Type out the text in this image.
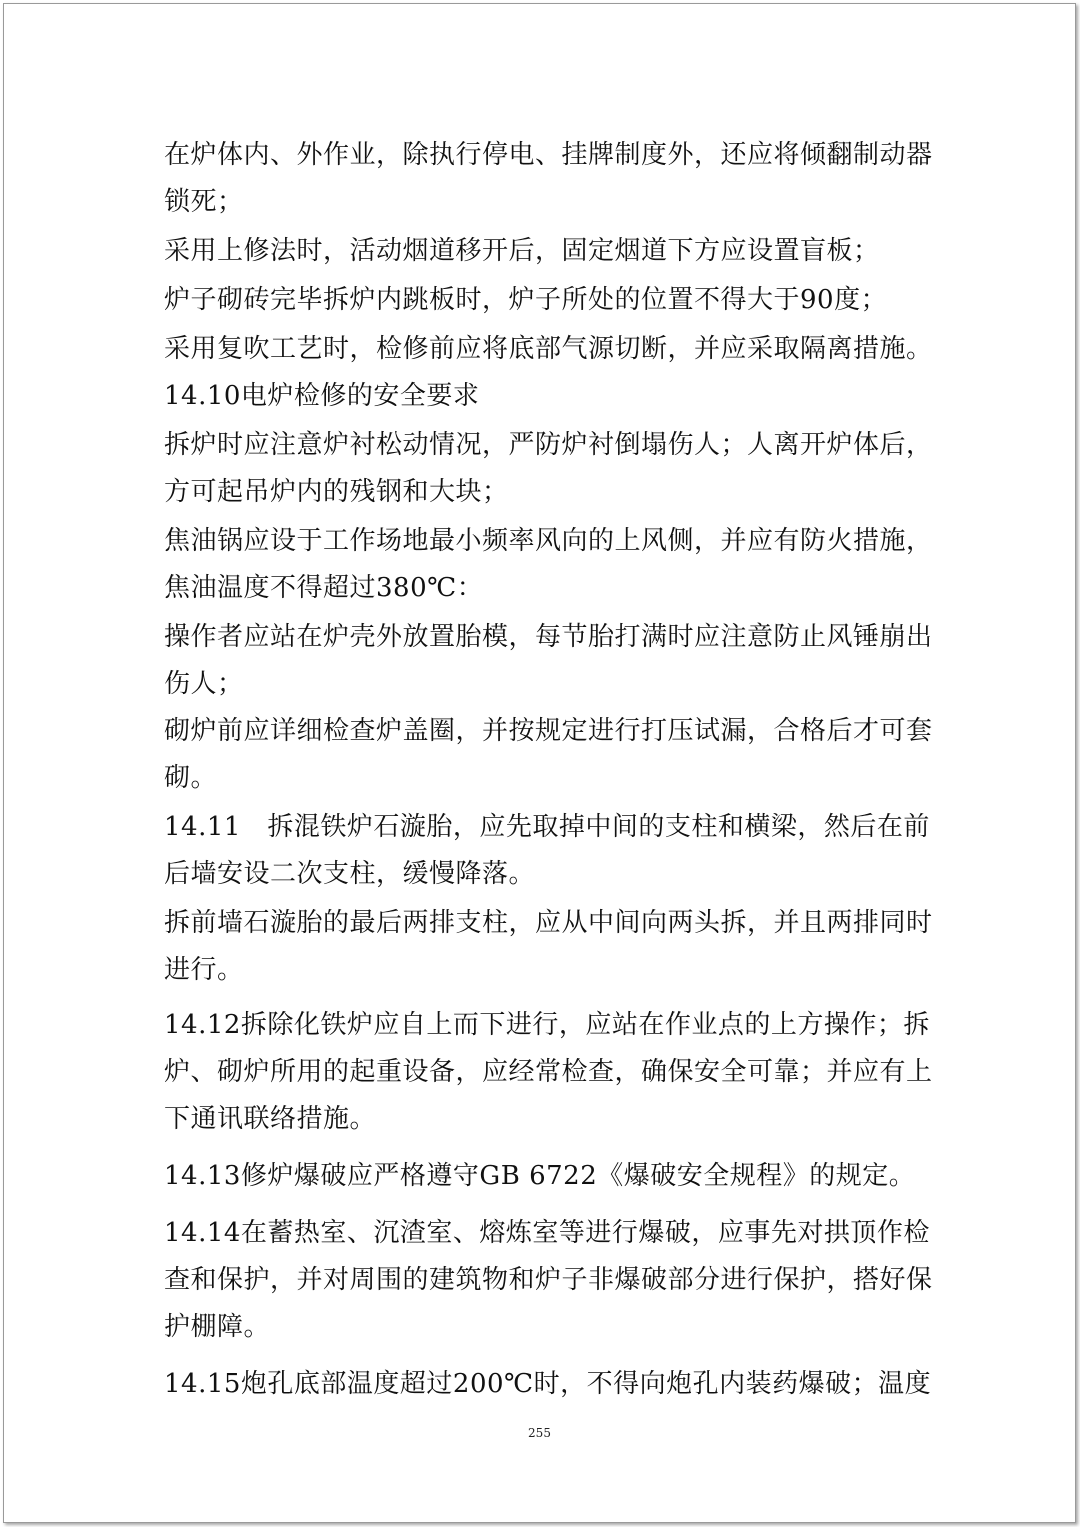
在炉体内、外作业，除执行停电、挂牌制度外，还应将倾翻制动器锁死；

采用上修法时，活动烟道移开后，固定烟道下方应设置盲板；

炉子砌砖完毕拆炉内跳板时，炉子所处的位置不得大于90度；

采用复吹工艺时，检修前应将底部气源切断，并应采取隔离措施。

14.10电炉检修的安全要求

拆炉时应注意炉衬松动情况，严防炉衬倒塌伤人；人离开炉体后，方可起吊炉内的残钢和大块；

焦油锅应设于工作场地最小频率风向的上风侧，并应有防火措施，焦油温度不得超过380℃：

操作者应站在炉壳外放置胎模，每节胎打满时应注意防止风锤崩出伤人；

砌炉前应详细检查炉盖圈，并按规定进行打压试漏，合格后才可套砌。

14.11　拆混铁炉石漩胎，应先取掉中间的支柱和横梁，然后在前后墙安设二次支柱，缓慢降落。

拆前墙石漩胎的最后两排支柱，应从中间向两头拆，并且两排同时进行。

14.12拆除化铁炉应自上而下进行，应站在作业点的上方操作；拆炉、砌炉所用的起重设备，应经常检查，确保安全可靠；并应有上下通讯联络措施。

14.13修炉爆破应严格遵守GB 6722《爆破安全规程》的规定。

14.14在蓄热室、沉渣室、熔炼室等进行爆破，应事先对拱顶作检查和保护，并对周围的建筑物和炉子非爆破部分进行保护，搭好保护棚障。

14.15炮孔底部温度超过200℃时，不得向炮孔内装药爆破；温度

255
